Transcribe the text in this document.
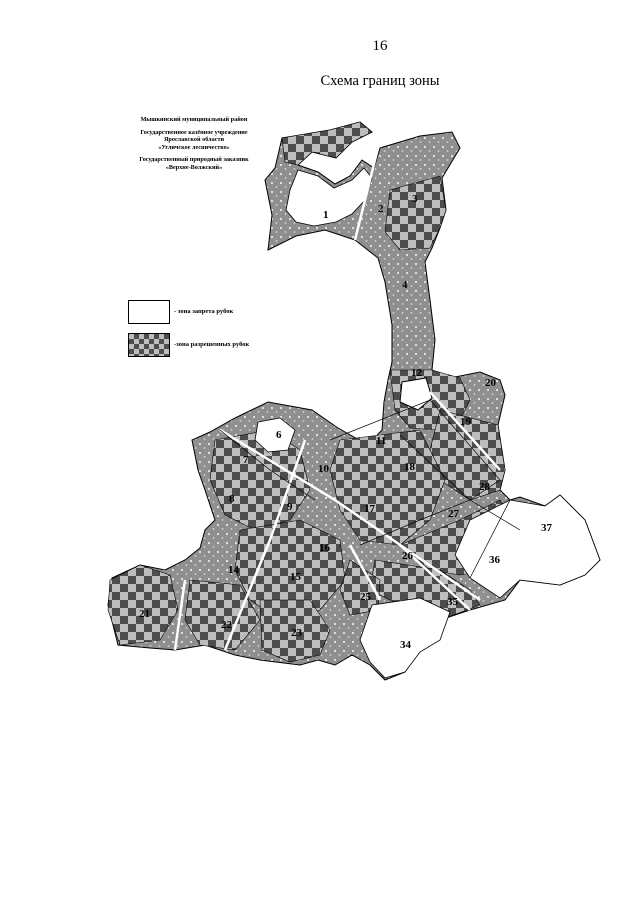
16
Схема границ зоны
Мышкинский муниципальный район
Государственное казённое учреждение
Ярославской области
«Угличское лесничество»
Государственный природный заказник
«Верхне-Волжский»
- зона запрета рубок
-зона разрешенных рубок
1	2
3
4
6
7
8
9
10
11
12
14
15
16
17
18
19
20
21
22
23
25
26
27
28
34
35
36
37
